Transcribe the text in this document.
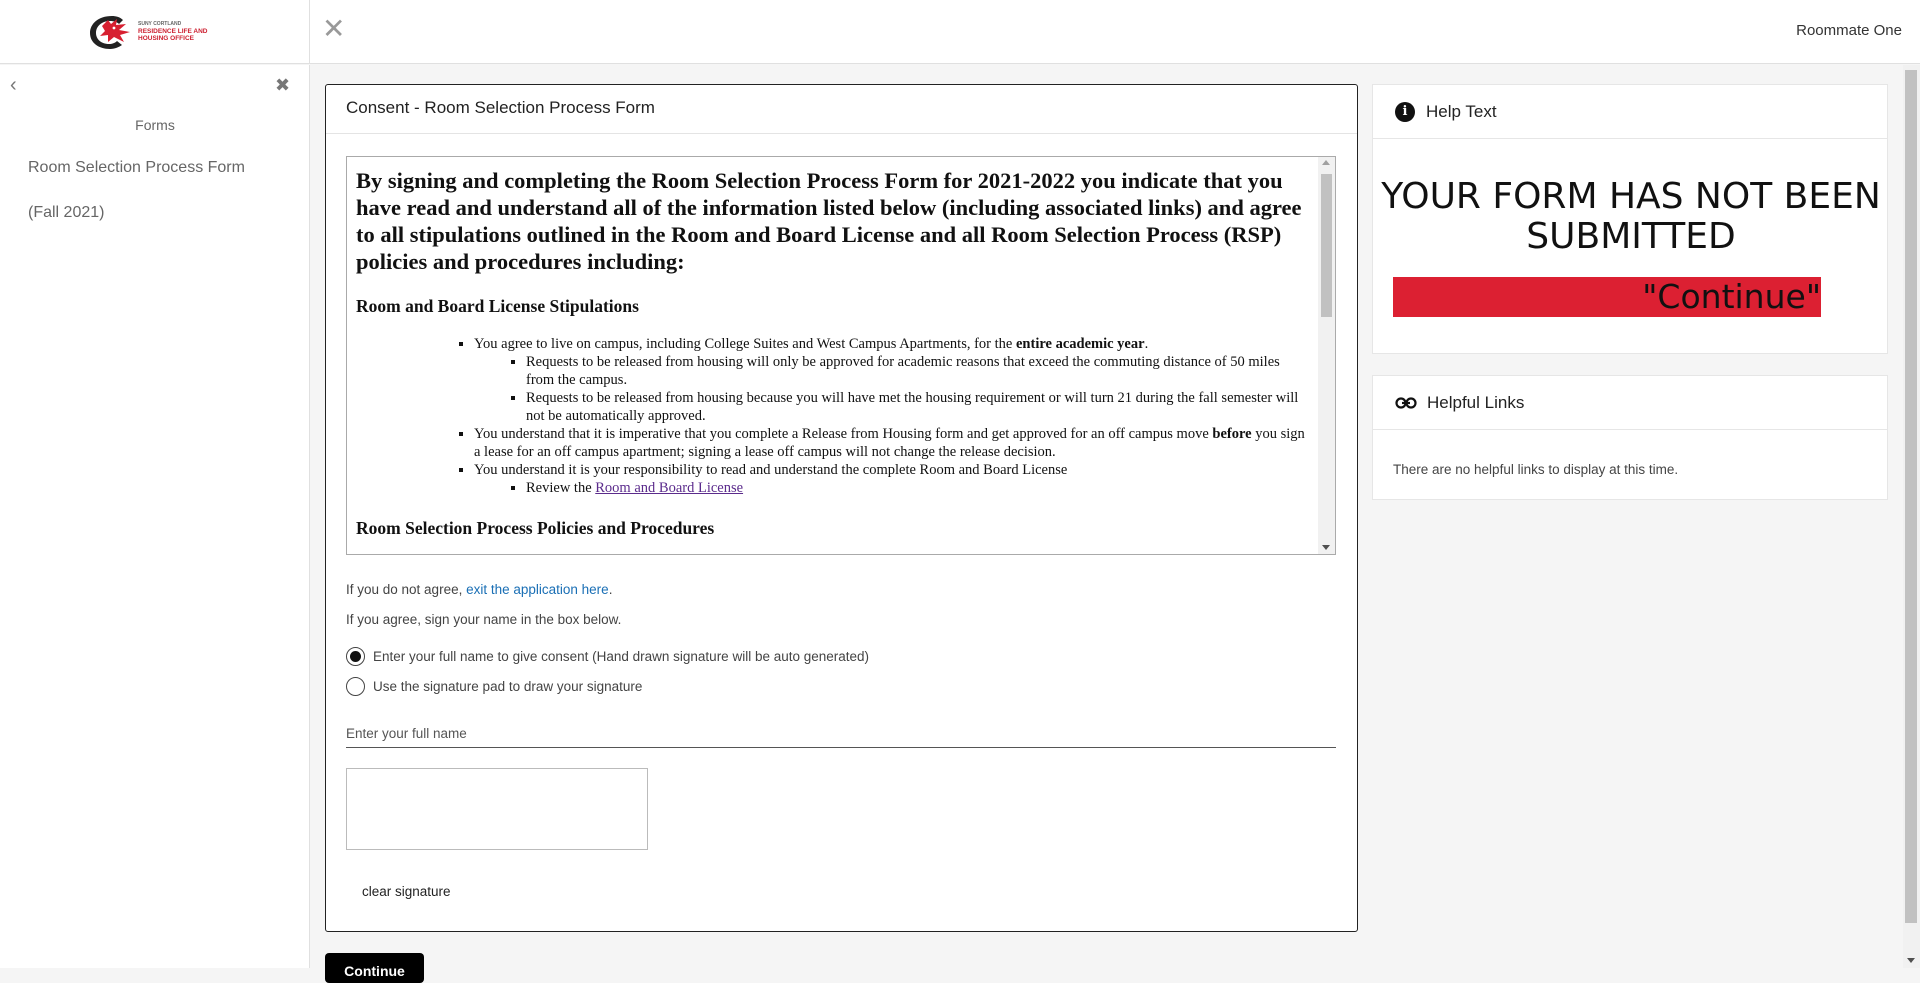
SUNY CORTLAND
RESIDENCE LIFE AND
HOUSING OFFICE	✕	Roommate One
‹	✖
Forms
Room Selection Process Form
(Fall 2021)
Consent - Room Selection Process Form
By signing and completing the Room Selection Process Form for 2021-2022 you indicate that you have read and understand all of the information listed below (including associated links) and agree to all stipulations outlined in the Room and Board License and all Room Selection Process (RSP) policies and procedures including:
Room and Board License Stipulations
▪ You agree to live on campus, including College Suites and West Campus Apartments, for the entire academic year.
▪ Requests to be released from housing will only be approved for academic reasons that exceed the commuting distance of 50 miles from the campus.
▪ Requests to be released from housing because you will have met the housing requirement or will turn 21 during the fall semester will not be automatically approved.
▪ You understand that it is imperative that you complete a Release from Housing form and get approved for an off campus move before you sign a lease for an off campus apartment; signing a lease off campus will not change the release decision.
▪ You understand it is your responsibility to read and understand the complete Room and Board License
▪ Review the Room and Board License
Room Selection Process Policies and Procedures
If you do not agree, exit the application here.
If you agree, sign your name in the box below.
Enter your full name to give consent (Hand drawn signature will be auto generated)
Use the signature pad to draw your signature
Enter your full name
clear signature
Continue
i	Help Text
YOUR FORM HAS NOT BEEN SUBMITTED
"Continue"
Helpful Links
There are no helpful links to display at this time.
